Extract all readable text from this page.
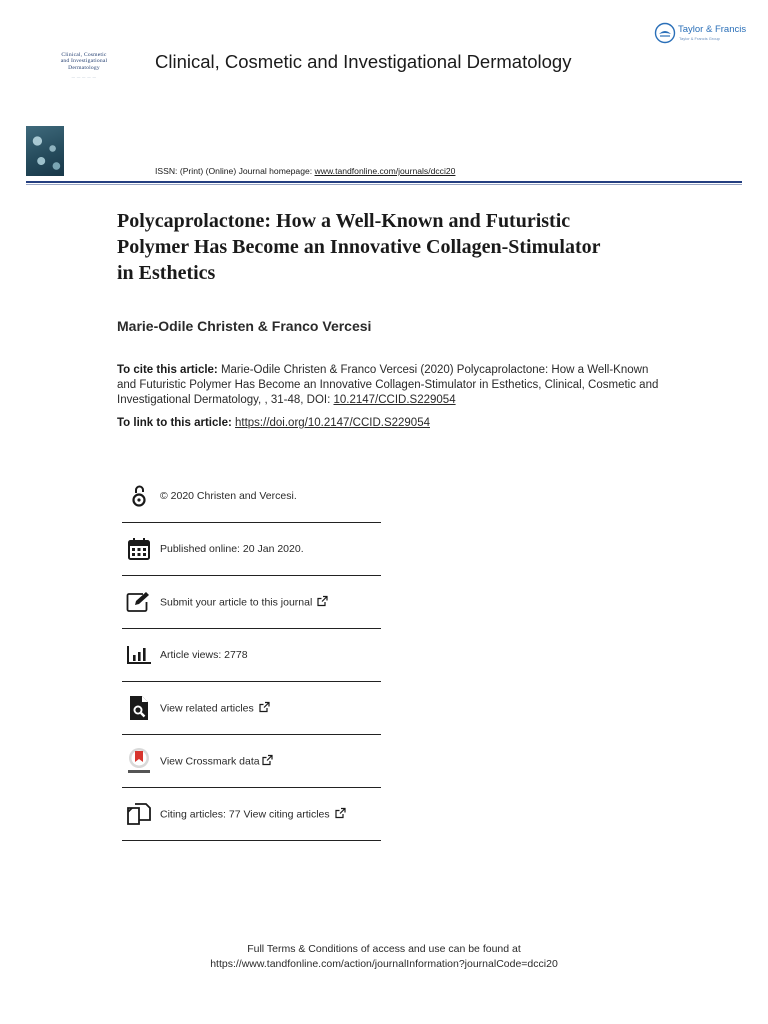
Clinical, Cosmetic
and Investigational
Dermatology
— — — — —
Clinical, Cosmetic and Investigational Dermatology
Taylor & Francis
Taylor & Francis Group
ISSN: (Print) (Online) Journal homepage: www.tandfonline.com/journals/dcci20
Polycaprolactone: How a Well-Known and Futuristic
Polymer Has Become an Innovative Collagen-Stimulator
in Esthetics
Marie-Odile Christen & Franco Vercesi
To cite this article: Marie-Odile Christen & Franco Vercesi (2020) Polycaprolactone: How a Well-Known and Futuristic Polymer Has Become an Innovative Collagen-Stimulator in Esthetics, Clinical, Cosmetic and Investigational Dermatology, , 31-48, DOI: 10.2147/CCID.S229054
To link to this article: https://doi.org/10.2147/CCID.S229054
© 2020 Christen and Vercesi.
Published online: 20 Jan 2020.
Submit your article to this journal
Article views: 2778
View related articles
View Crossmark data
Citing articles: 77 View citing articles
Full Terms & Conditions of access and use can be found at
https://www.tandfonline.com/action/journalInformation?journalCode=dcci20
